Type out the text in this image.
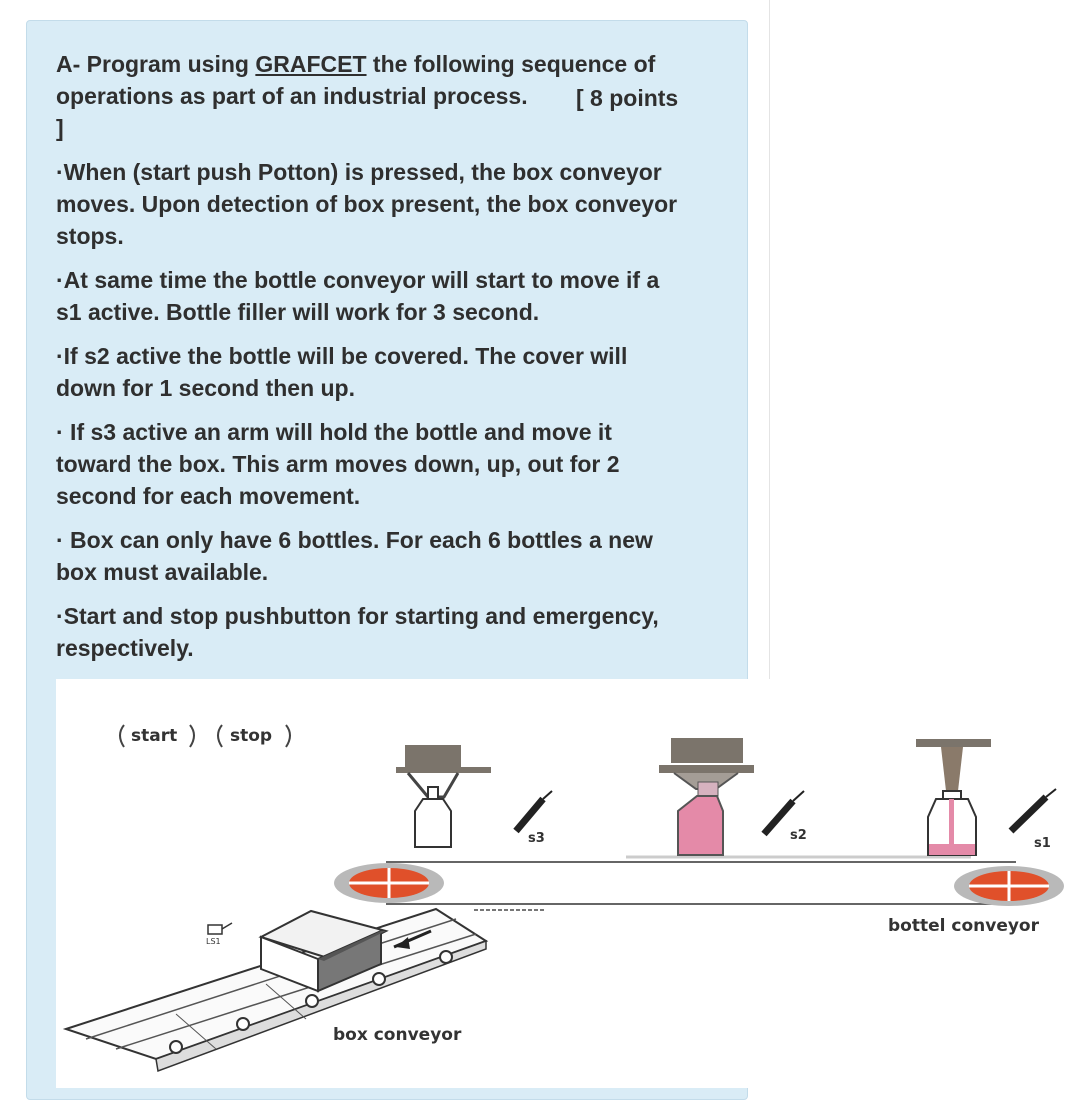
A- Program using GRAFCET the following sequence of

operations as part of an industrial process.	[ 8 points

]

·When (start push Potton) is pressed, the box conveyor
moves. Upon detection of box present, the box conveyor
stops.
·At same time the bottle conveyor will start to move if a
s1 active. Bottle filler will work for 3 second.
·If s2 active the bottle will be covered. The cover will
down for 1 second then up.
· If s3 active an arm will hold the bottle and move it
toward the box. This arm moves down, up, out for 2
second for each movement.
· Box can only have 6 bottles. For each 6 bottles a new
box must available.
·Start and stop pushbutton for starting and emergency,
respectively.
start	stop
s3	s2
s1
bottel conveyor
LS1
box conveyor
